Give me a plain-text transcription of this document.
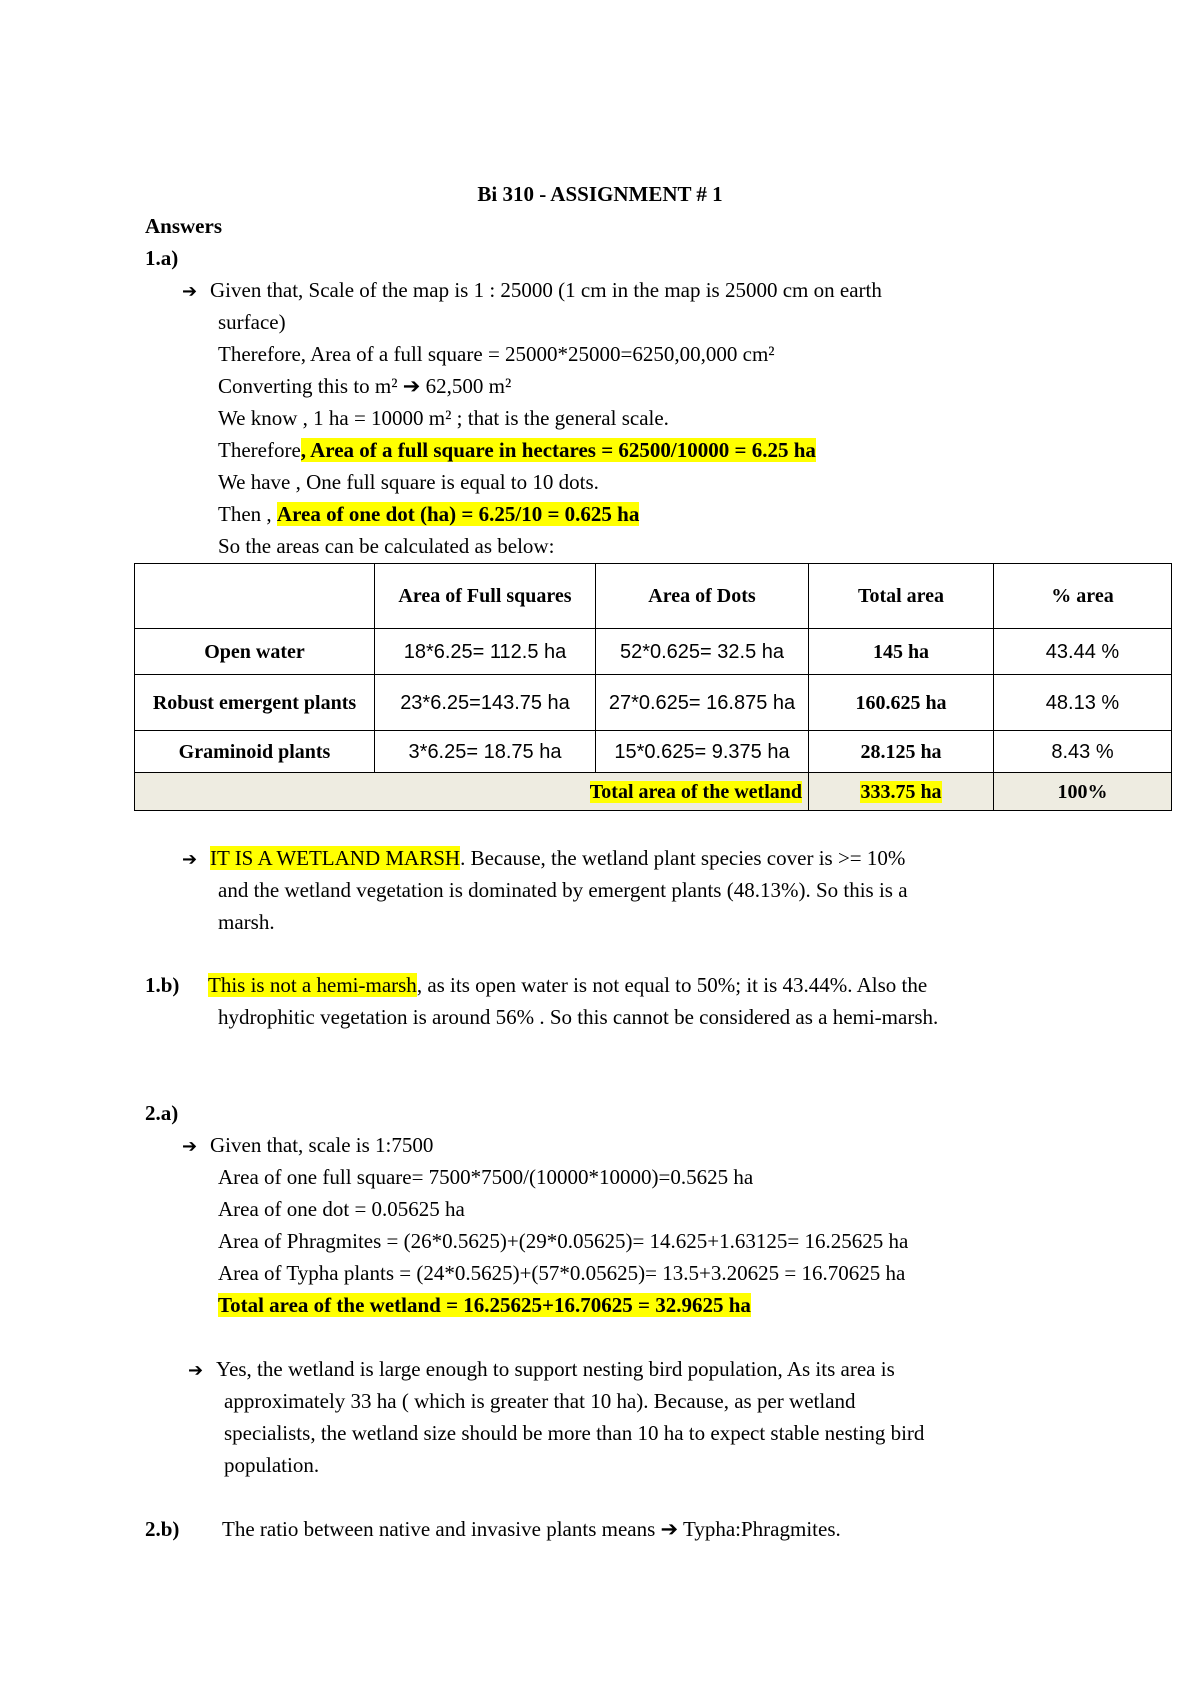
Bi 310 - ASSIGNMENT # 1
Answers
1.a)
➔ Given that, Scale of the map is 1 : 25000 (1 cm in the map is 25000 cm on earth
surface)
Therefore, Area of a full square = 25000*25000=6250,00,000 cm²
Converting this to m² ➔ 62,500 m²
We know , 1 ha = 10000 m² ; that is the general scale.
Therefore, Area of a full square in hectares = 62500/10000 = 6.25 ha
We have , One full square is equal to 10 dots.
Then , Area of one dot (ha) = 6.25/10 = 0.625 ha
So the areas can be calculated as below:
	Area of Full squares	Area of Dots	Total area	% area
Open water	18*6.25= 112.5 ha	52*0.625= 32.5 ha	145 ha	43.44 %
Robust emergent plants	23*6.25=143.75 ha	27*0.625= 16.875 ha	160.625 ha	48.13 %
Graminoid plants	3*6.25= 18.75 ha	15*0.625= 9.375 ha	28.125 ha	8.43 %
Total area of the wetland			333.75 ha	100%
➔ IT IS A WETLAND MARSH. Because, the wetland plant species cover is >= 10%
and the wetland vegetation is dominated by emergent plants (48.13%). So this is a
marsh.
1.b) This is not a hemi-marsh, as its open water is not equal to 50%; it is 43.44%. Also the
hydrophitic vegetation is around 56% . So this cannot be considered as a hemi-marsh.
2.a)
➔ Given that, scale is 1:7500
Area of one full square= 7500*7500/(10000*10000)=0.5625 ha
Area of one dot = 0.05625 ha
Area of Phragmites = (26*0.5625)+(29*0.05625)= 14.625+1.63125= 16.25625 ha
Area of Typha plants = (24*0.5625)+(57*0.05625)= 13.5+3.20625 = 16.70625 ha
Total area of the wetland = 16.25625+16.70625 = 32.9625 ha
➔ Yes, the wetland is large enough to support nesting bird population, As its area is
approximately 33 ha ( which is greater that 10 ha). Because, as per wetland
specialists, the wetland size should be more than 10 ha to expect stable nesting bird
population.
2.b) The ratio between native and invasive plants means ➔ Typha:Phragmites.
